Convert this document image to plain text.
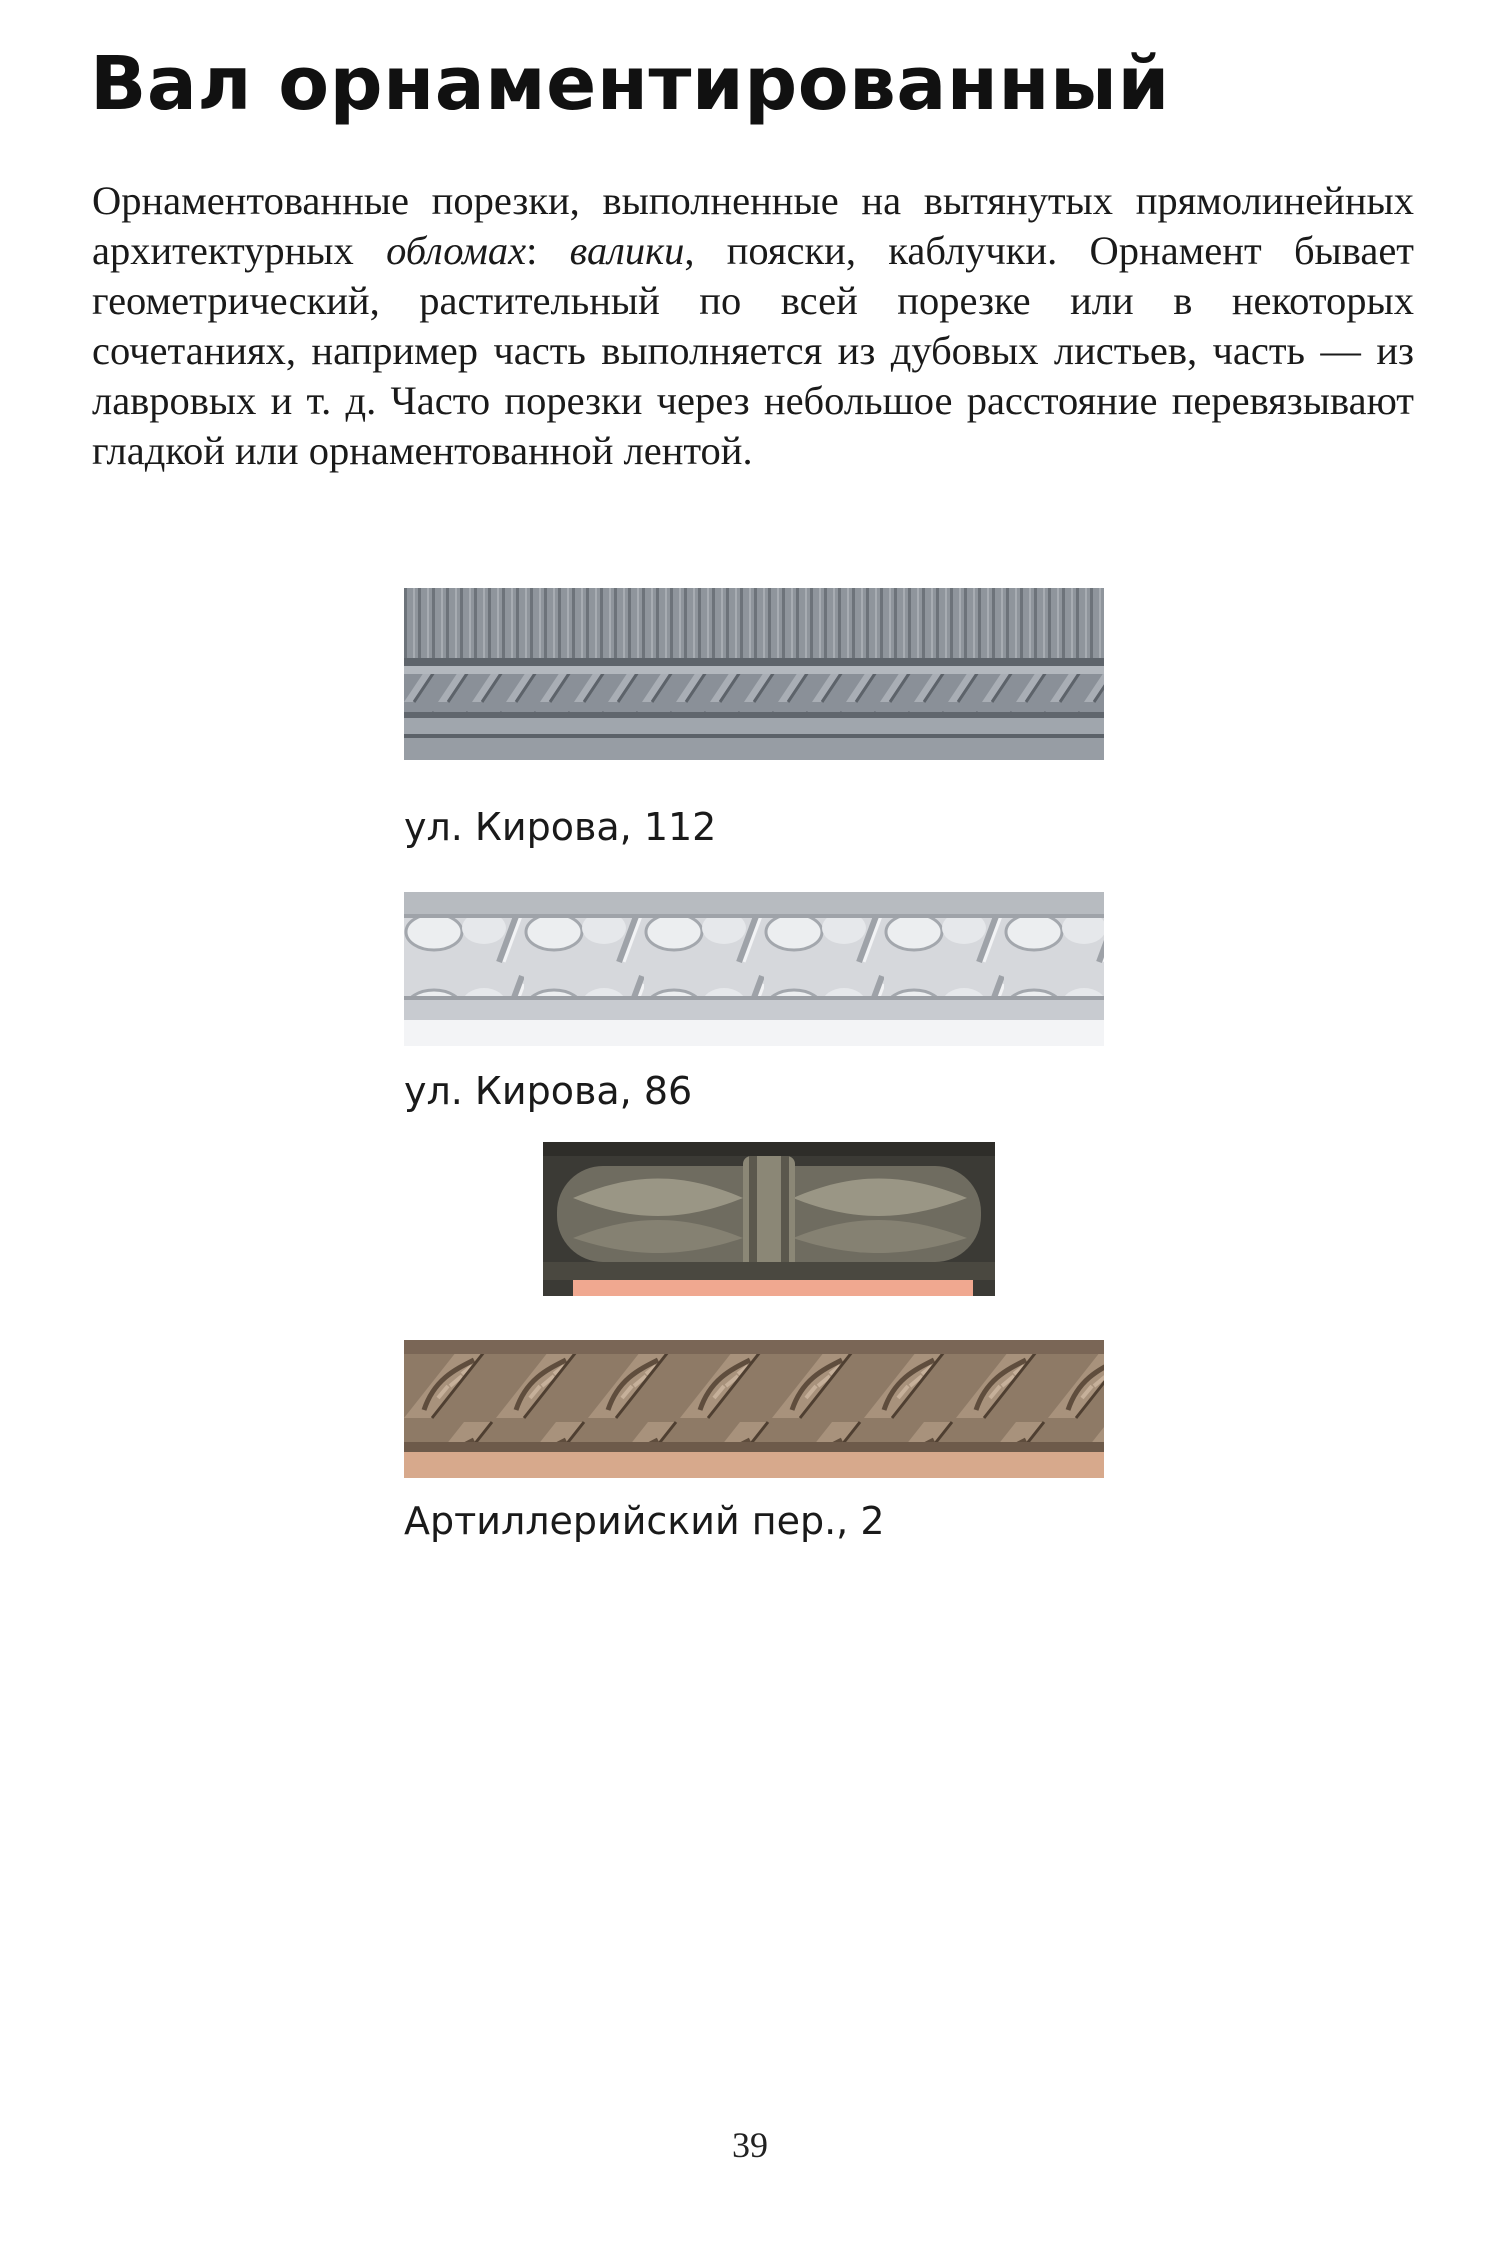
Вал орнаментированный

Орнаментованные порезки, выполненные на вытянутых прямолинейных архитектурных обломах: валики, пояски, каблучки. Орнамент бывает геометрический, растительный по всей порезке или в некоторых сочетаниях, например часть выполняется из дубовых листьев, часть — из лавровых и т. д. Часто порезки через небольшое расстояние перевязывают гладкой или орнаментованной лентой.

ул. Кирова, 112
ул. Кирова, 86
Артиллерийский пер., 2
39
